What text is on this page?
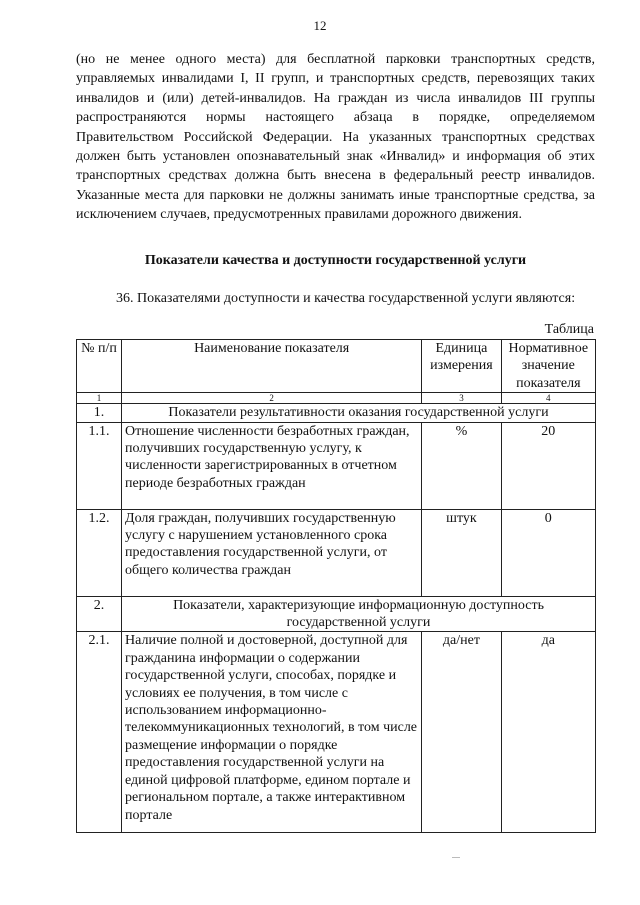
12

(но не менее одного места) для бесплатной парковки транспортных средств, управляемых инвалидами I, II групп, и транспортных средств, перевозящих таких инвалидов и (или) детей-инвалидов. На граждан из числа инвалидов III группы распространяются нормы настоящего абзаца в порядке, определяемом Правительством Российской Федерации. На указанных транспортных средствах должен быть установлен опознавательный знак «Инвалид» и информация об этих транспортных средствах должна быть внесена в федеральный реестр инвалидов. Указанные места для парковки не должны занимать иные транспортные средства, за исключением случаев, предусмотренных правилами дорожного движения.

Показатели качества и доступности государственной услуги

36. Показателями доступности и качества государственной услуги являются:

Таблица
№ п/п	Наименование показателя	Единица измерения	Нормативное значение показателя
1	2	3	4
1.	Показатели результативности оказания государственной услуги		
1.1.	Отношение численности безработных граждан, получивших государственную услугу, к численности зарегистрированных в отчетном периоде безработных граждан	%	20
1.2.	Доля граждан, получивших государственную услугу с нарушением установленного срока предоставления государственной услуги, от общего количества граждан	штук	0
2.	Показатели, характеризующие информационную доступность государственной услуги		
2.1.	Наличие полной и достоверной, доступной для гражданина информации о содержании государственной услуги, способах, порядке и условиях ее получения, в том числе с использованием информационно-телекоммуникационных технологий, в том числе размещение информации о порядке предоставления государственной услуги на единой цифровой платформе, едином портале и региональном портале, а также интерактивном портале	да/нет	да
